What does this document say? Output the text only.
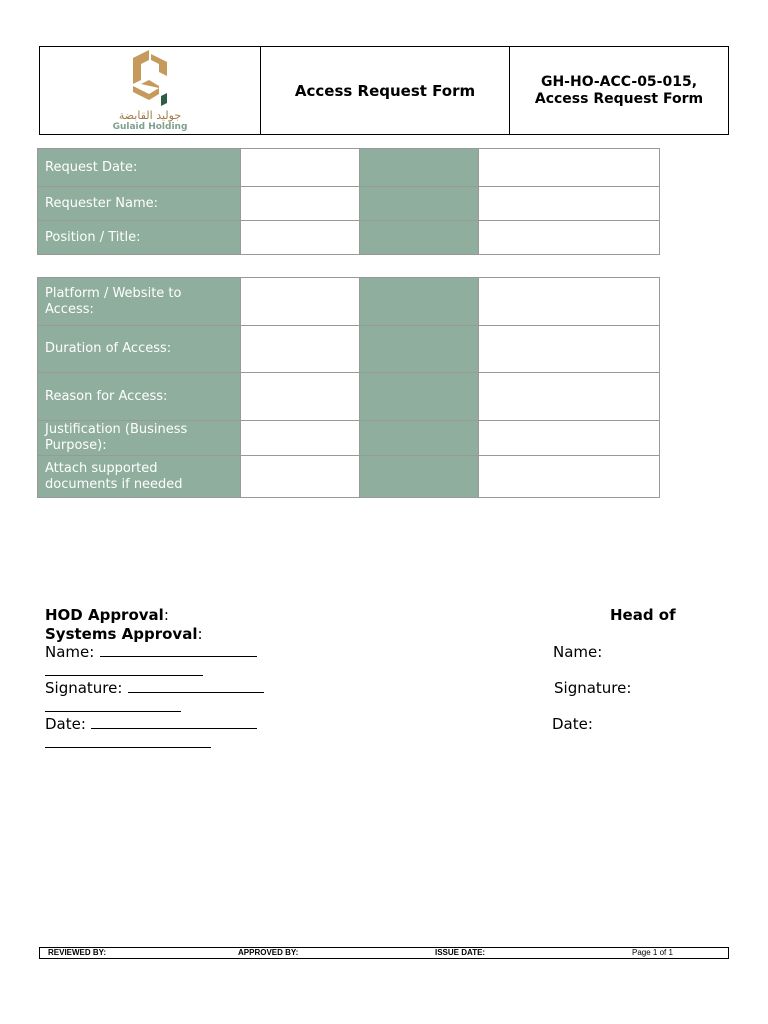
جوليد القابضة
Gulaid Holding
Access Request Form	GH-HO-ACC-05-015, Access Request Form
Request Date:			
Requester Name:			
Position / Title:			
Platform / Website to Access:			
Duration of Access:			
Reason for Access:			
Justification (Business Purpose):			
Attach supported documents if needed			
HOD Approval:	Head of
Systems Approval:
Name:	Name:
Signature:	Signature:
Date:	Date:
REVIEWED BY:	APPROVED BY:	ISSUE DATE:	Page 1 of 1
